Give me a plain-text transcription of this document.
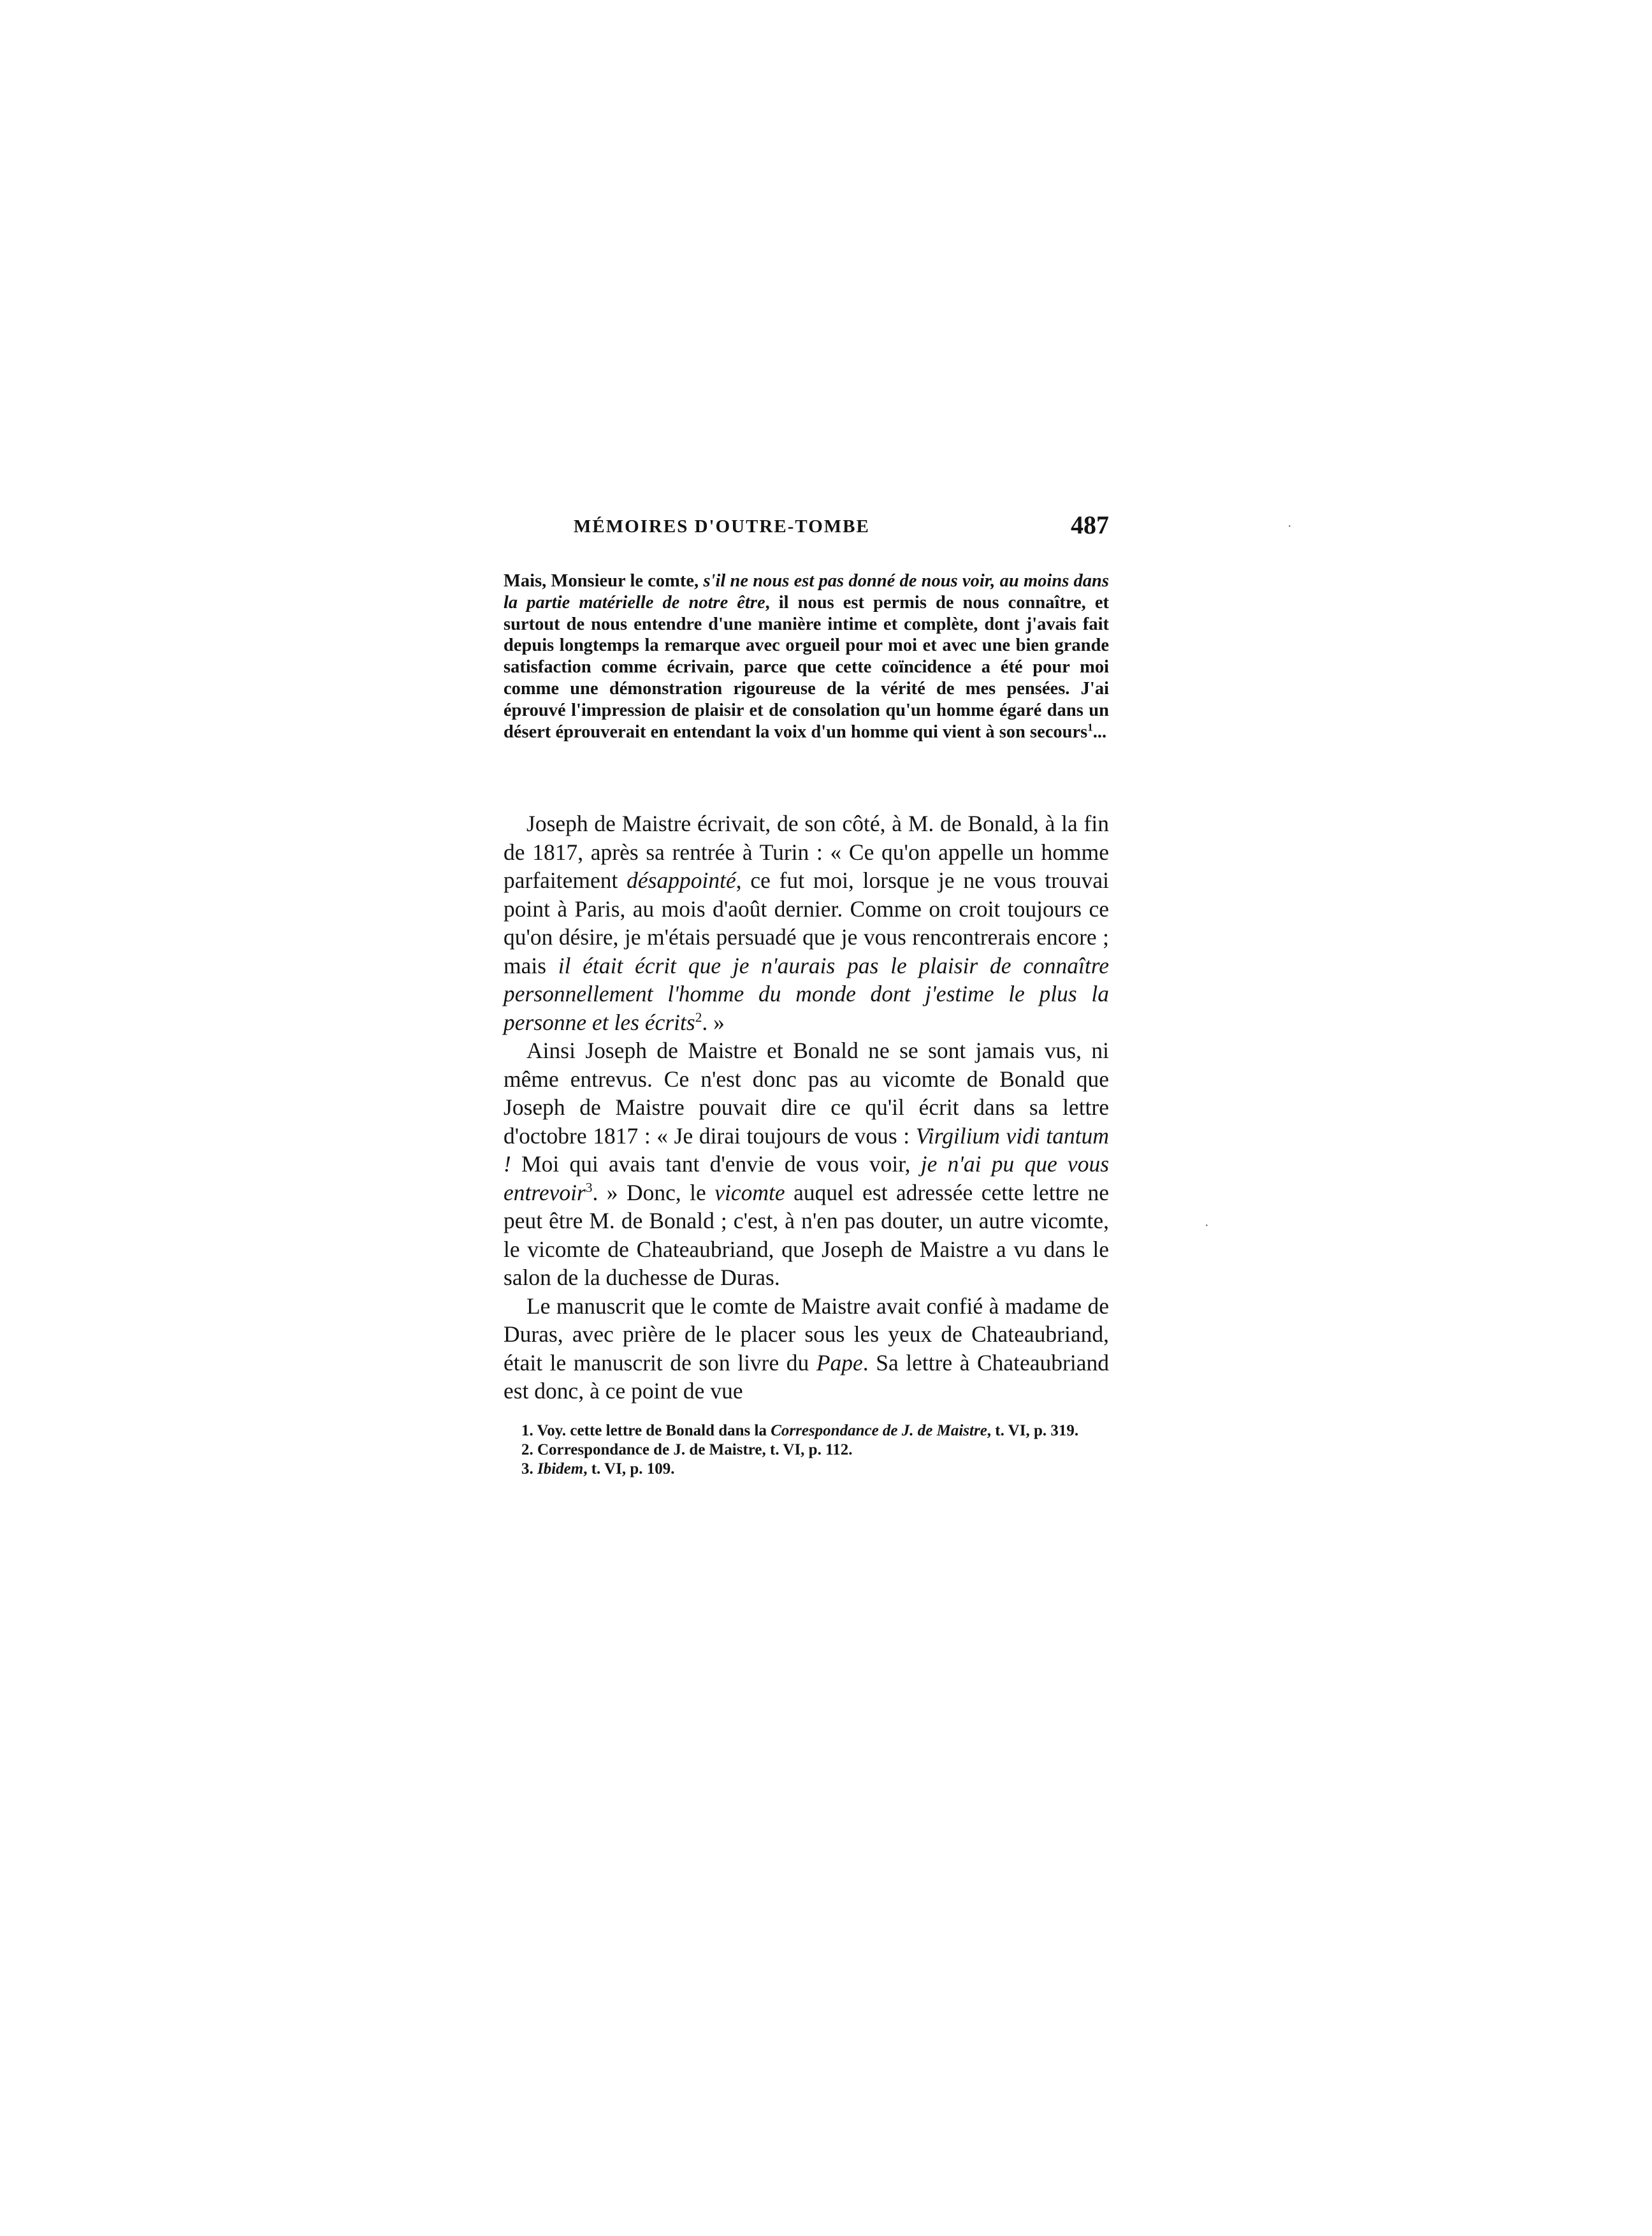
MÉMOIRES D'OUTRE-TOMBE	487

Mais, Monsieur le comte, s'il ne nous est pas donné de nous voir, au moins dans la partie matérielle de notre être, il nous est permis de nous connaître, et surtout de nous entendre d'une manière intime et complète, dont j'avais fait depuis longtemps la remarque avec orgueil pour moi et avec une bien grande satisfaction comme écrivain, parce que cette coïncidence a été pour moi comme une démonstration rigoureuse de la vérité de mes pensées. J'ai éprouvé l'impression de plaisir et de consolation qu'un homme égaré dans un désert éprouverait en entendant la voix d'un homme qui vient à son secours$^1$...

Joseph de Maistre écrivait, de son côté, à M. de Bonald, à la fin de 1817, après sa rentrée à Turin : « Ce qu'on appelle un homme parfaitement désappointé, ce fut moi, lorsque je ne vous trouvai point à Paris, au mois d'août dernier. Comme on croit toujours ce qu'on désire, je m'étais persuadé que je vous rencontrerais encore ; mais il était écrit que je n'aurais pas le plaisir de connaître personnellement l'homme du monde dont j'estime le plus la personne et les écrits$^2$. »

Ainsi Joseph de Maistre et Bonald ne se sont jamais vus, ni même entrevus. Ce n'est donc pas au vicomte de Bonald que Joseph de Maistre pouvait dire ce qu'il écrit dans sa lettre d'octobre 1817 : « Je dirai toujours de vous : Virgilium vidi tantum ! Moi qui avais tant d'envie de vous voir, je n'ai pu que vous entrevoir$^3$. » Donc, le vicomte auquel est adressée cette lettre ne peut être M. de Bonald ; c'est, à n'en pas douter, un autre vicomte, le vicomte de Chateaubriand, que Joseph de Maistre a vu dans le salon de la duchesse de Duras.

Le manuscrit que le comte de Maistre avait confié à madame de Duras, avec prière de le placer sous les yeux de Chateaubriand, était le manuscrit de son livre du Pape. Sa lettre à Chateaubriand est donc, à ce point de vue

1. Voy. cette lettre de Bonald dans la Correspondance de J. de Maistre, t. VI, p. 319.

2. Correspondance de J. de Maistre, t. VI, p. 112.

3. Ibidem, t. VI, p. 109.

·
·
